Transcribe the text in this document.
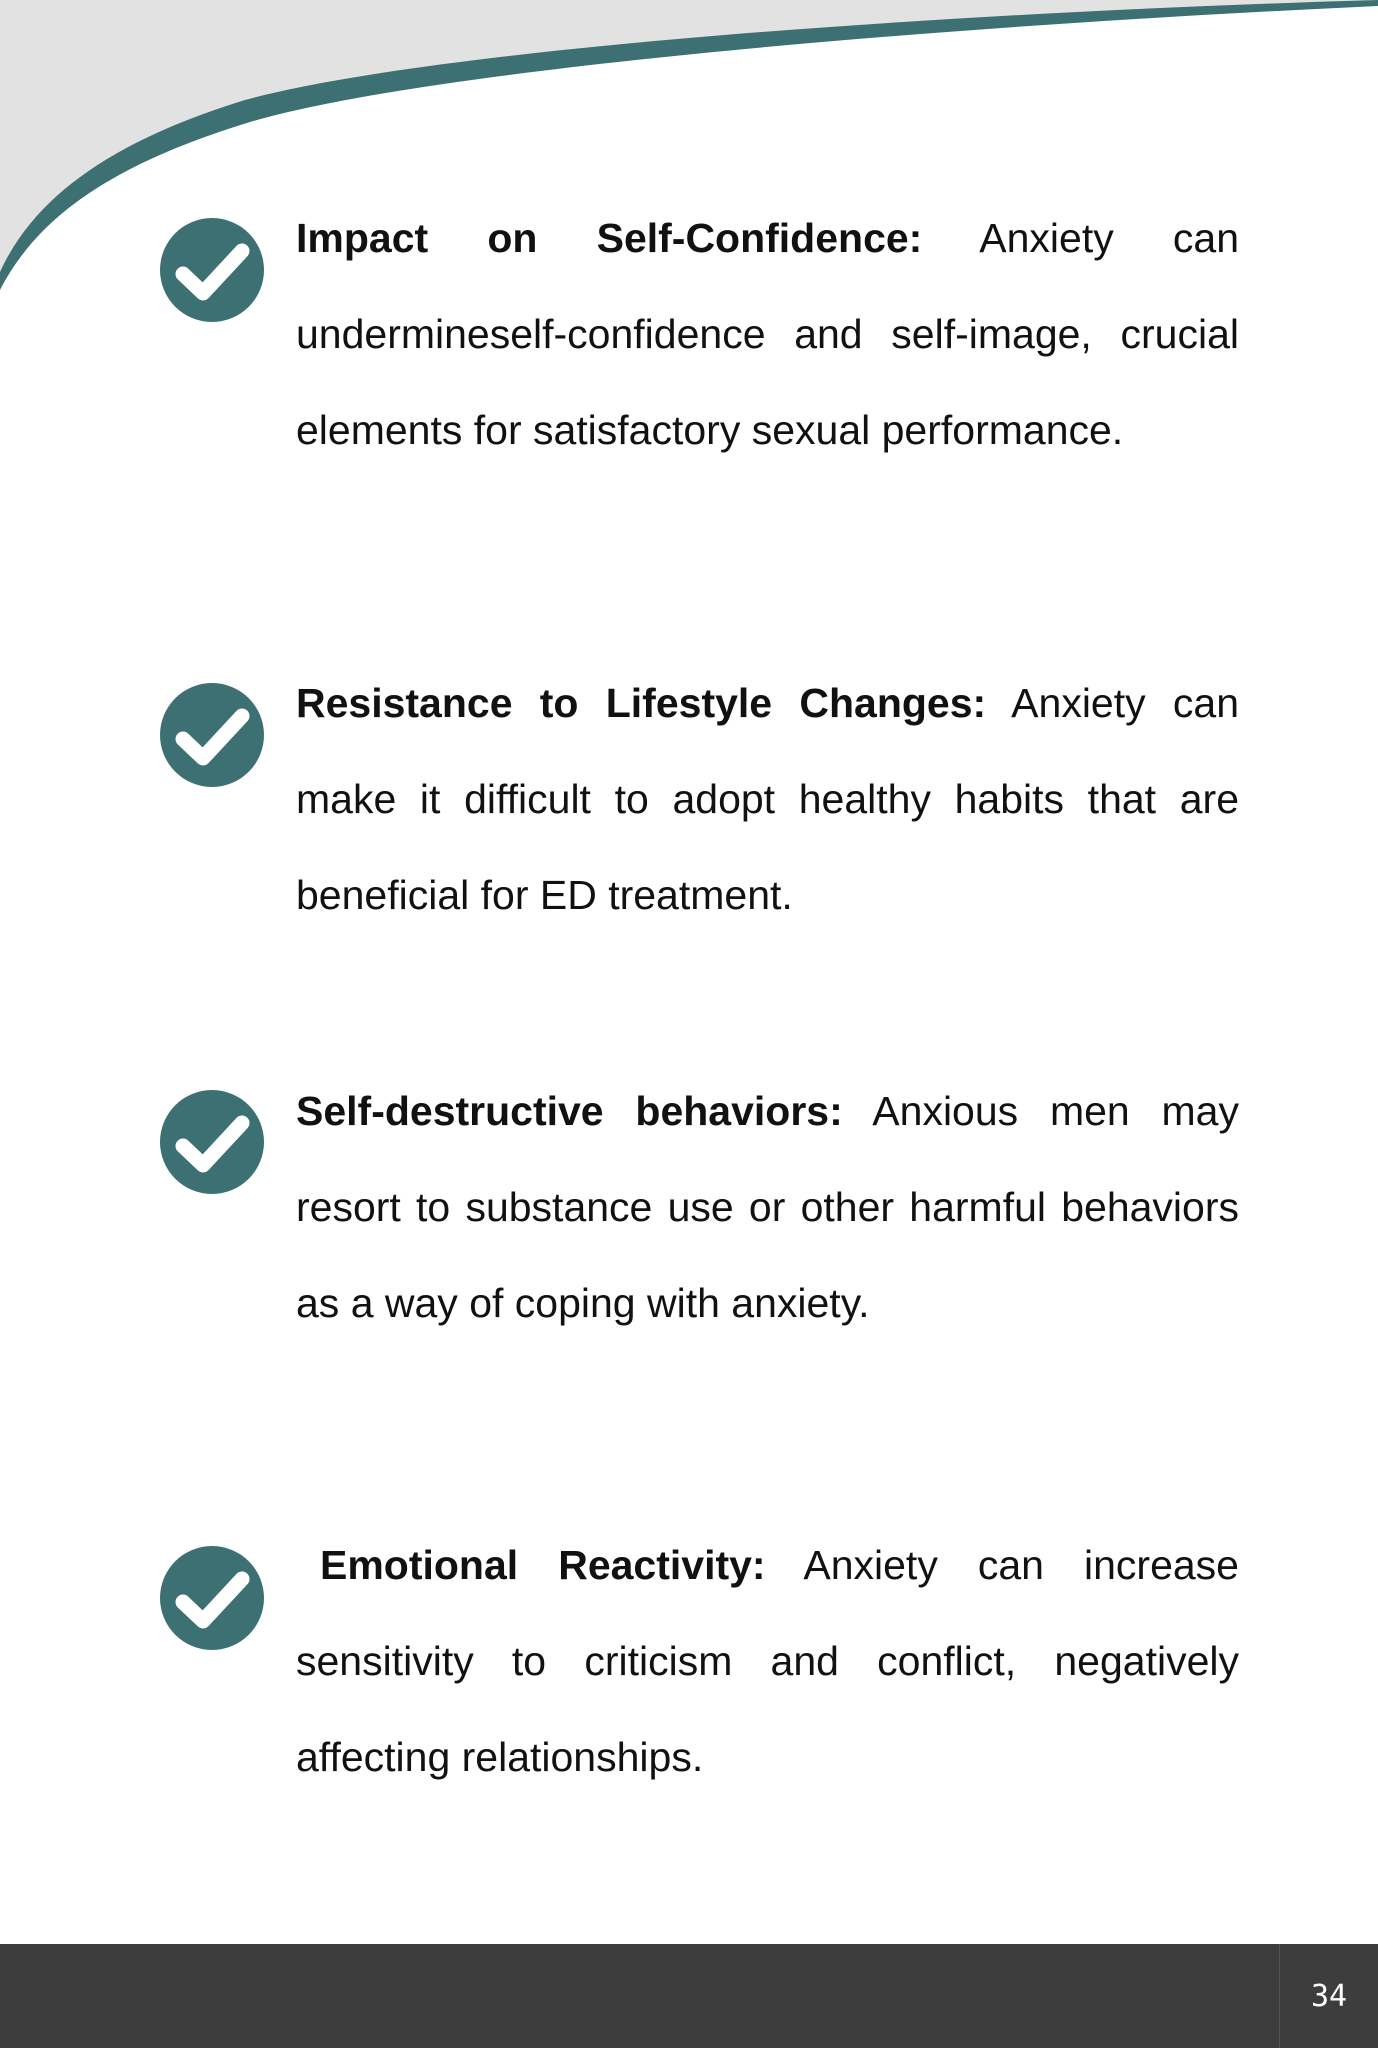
Impact on Self-Confidence: Anxiety can undermineself-confidence and self-image, crucial elements for satisfactory sexual performance.

Resistance to Lifestyle Changes: Anxiety can make it difficult to adopt healthy habits that are beneficial for ED treatment.

Self-destructive behaviors: Anxious men may resort to substance use or other harmful behaviors as a way of coping with anxiety.

Emotional Reactivity: Anxiety can increase sensitivity to criticism and conflict, negatively affecting relationships.

34
